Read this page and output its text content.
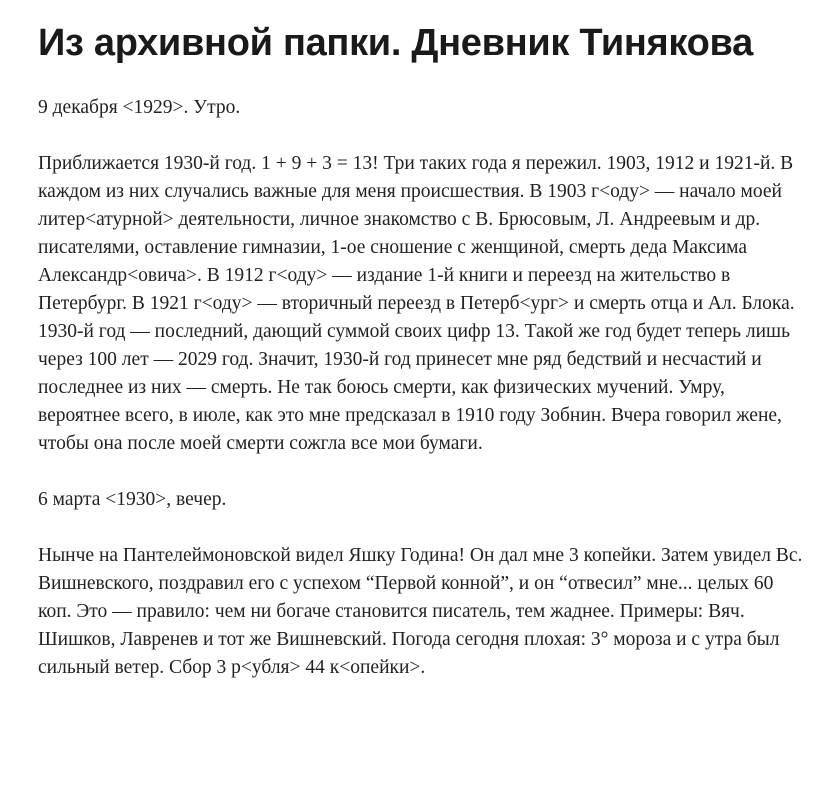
Из архивной папки. Дневник Тинякова

9 декабря <1929>. Утро.

Приближается 1930-й год. 1 + 9 + 3 = 13! Три таких года я пережил. 1903, 1912 и 1921-й. В каждом из них случались важные для меня происшествия. В 1903 г<оду> — начало моей литер<атурной> деятельности, личное знакомство с В. Брюсовым, Л. Андреевым и др. писателями, оставление гимназии, 1-ое сношение с женщиной, смерть деда Максима Александр<овича>. В 1912 г<оду> — издание 1-й книги и переезд на жительство в Петербург. В 1921 г<оду> — вторичный переезд в Петерб<ург> и смерть отца и Ал. Блока. 1930-й год — последний, дающий суммой своих цифр 13. Такой же год будет теперь лишь через 100 лет — 2029 год. Значит, 1930-й год принесет мне ряд бедствий и несчастий и последнее из них — смерть. Не так боюсь смерти, как физических мучений. Умру, вероятнее всего, в июле, как это мне предсказал в 1910 году Зобнин. Вчера говорил жене, чтобы она после моей смерти сожгла все мои бумаги.

6 марта <1930>, вечер.

Нынче на Пантелеймоновской видел Яшку Година! Он дал мне 3 копейки. Затем увидел Вс. Вишневского, поздравил его с успехом “Первой конной”, и он “отвесил” мне... целых 60 коп. Это — правило: чем ни богаче становится писатель, тем жаднее. Примеры: Вяч. Шишков, Лавренев и тот же Вишневский. Погода сегодня плохая: 3° мороза и с утра был сильный ветер. Сбор 3 р<убля> 44 к<опейки>.
